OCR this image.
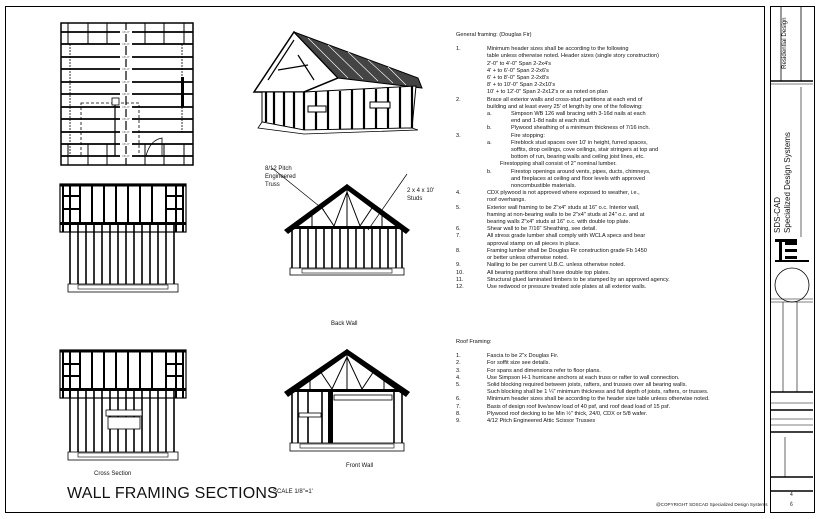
16'-0"
16'-0"
16'-0"
16'-0"
16'-0"
16'-0"
16'-0"
16'-0"
16'-0"
16'-0"
16'-0"
8/12 Pitch
Engineered
Truss
2 x 4 x 10'
Studs
Back Wall
Cross Section
Front Wall
General framing: (Douglas Fir)
1.	Minimum header sizes shall be according to the following
table unless otherwise noted. Header sizes (single story construction)
2'-0" to 4'-0" Span 2-2x4's
4' + to 6'-0" Span 2-2x6's
6' + to 8'-0" Span 2-2x8's
8' + to 10'-0" Span 2-2x10's
10' + to 12'-0" Span 2-2x12's or as noted on plan
2.	Brace all exterior walls and cross-stud partitions at each end of
building and at least every 25' of length by one of the following:
a.	Simpson WB 126 wall bracing with 3-16d nails at each
end and 1-8d nails at each stud.
b.	Plywood sheathing of a minimum thickness of 7/16 inch.
3.	Fire stopping:
a.	Fireblock stud spaces over 10' in height, furred spaces,
soffits, drop ceilings, cove ceilings, stair stringers at top and
bottom of run, bearing walls and ceiling joist lines, etc.
Firestopping shall consist of 2" nominal lumber.
b.	Firestop openings around vents, pipes, ducts, chimneys,
and fireplaces at ceiling and floor levels with approved
noncombustible materials.
4.	CDX plywood is not approved where exposed to weather, i.e.,
roof overhangs.
5.	Exterior wall framing to be 2"x4" studs at 16" o.c. Interior wall,
framing at non-bearing walls to be 2"x4" studs at 24" o.c. and at
bearing walls 2"x4" studs at 16" o.c. with double top plate.
6.	Shear wall to be 7/16" Sheathing, see detail.
7.	All stress grade lumber shall comply with WCLA specs and bear
approval stamp on all pieces in place.
8.	Framing lumber shall be Douglas Fir construction grade Fb 1450
or better unless otherwise noted.
9.	Nailing to be per current U.B.C. unless otherwise noted.
10.	All bearing partitions shall have double top plates.
11.	Structural glued laminated timbers to be stamped by an approved agency.
12.	Use redwood or pressure treated sole plates at all exterior walls.
Roof Framing:
1.	Fascia to be 2"x Douglas Fir.
2.	For soffit size see details.
3.	For spans and dimensions refer to floor plans.
4.	Use Simpson H-1 hurricane anchors at each truss or rafter to wall connection.
5.	Solid blocking required between joists, rafters, and trusses over all bearing walls.
Such blocking shall be 1 ¼" minimum thickness and full depth of joists, rafters, or trusses.
6.	Minimum header sizes shall be according to the header size table unless otherwise noted.
7.	Basis of design roof live/snow load of 40 psf, and roof dead load of 15 psf.
8.	Plywood roof decking to be Min ½" thick, 24/0, CDX or 5/8 wafer.
9.	4/12 Pitch Engineered Attic Scissor Trusses
WALL FRAMING SECTIONS
SCALE 1/8"=1'
@COPYRIGHT SDSCAD Specialized Design Systems
Residential Design
SDS-CAD Specialized Design Systems
4
-
6
